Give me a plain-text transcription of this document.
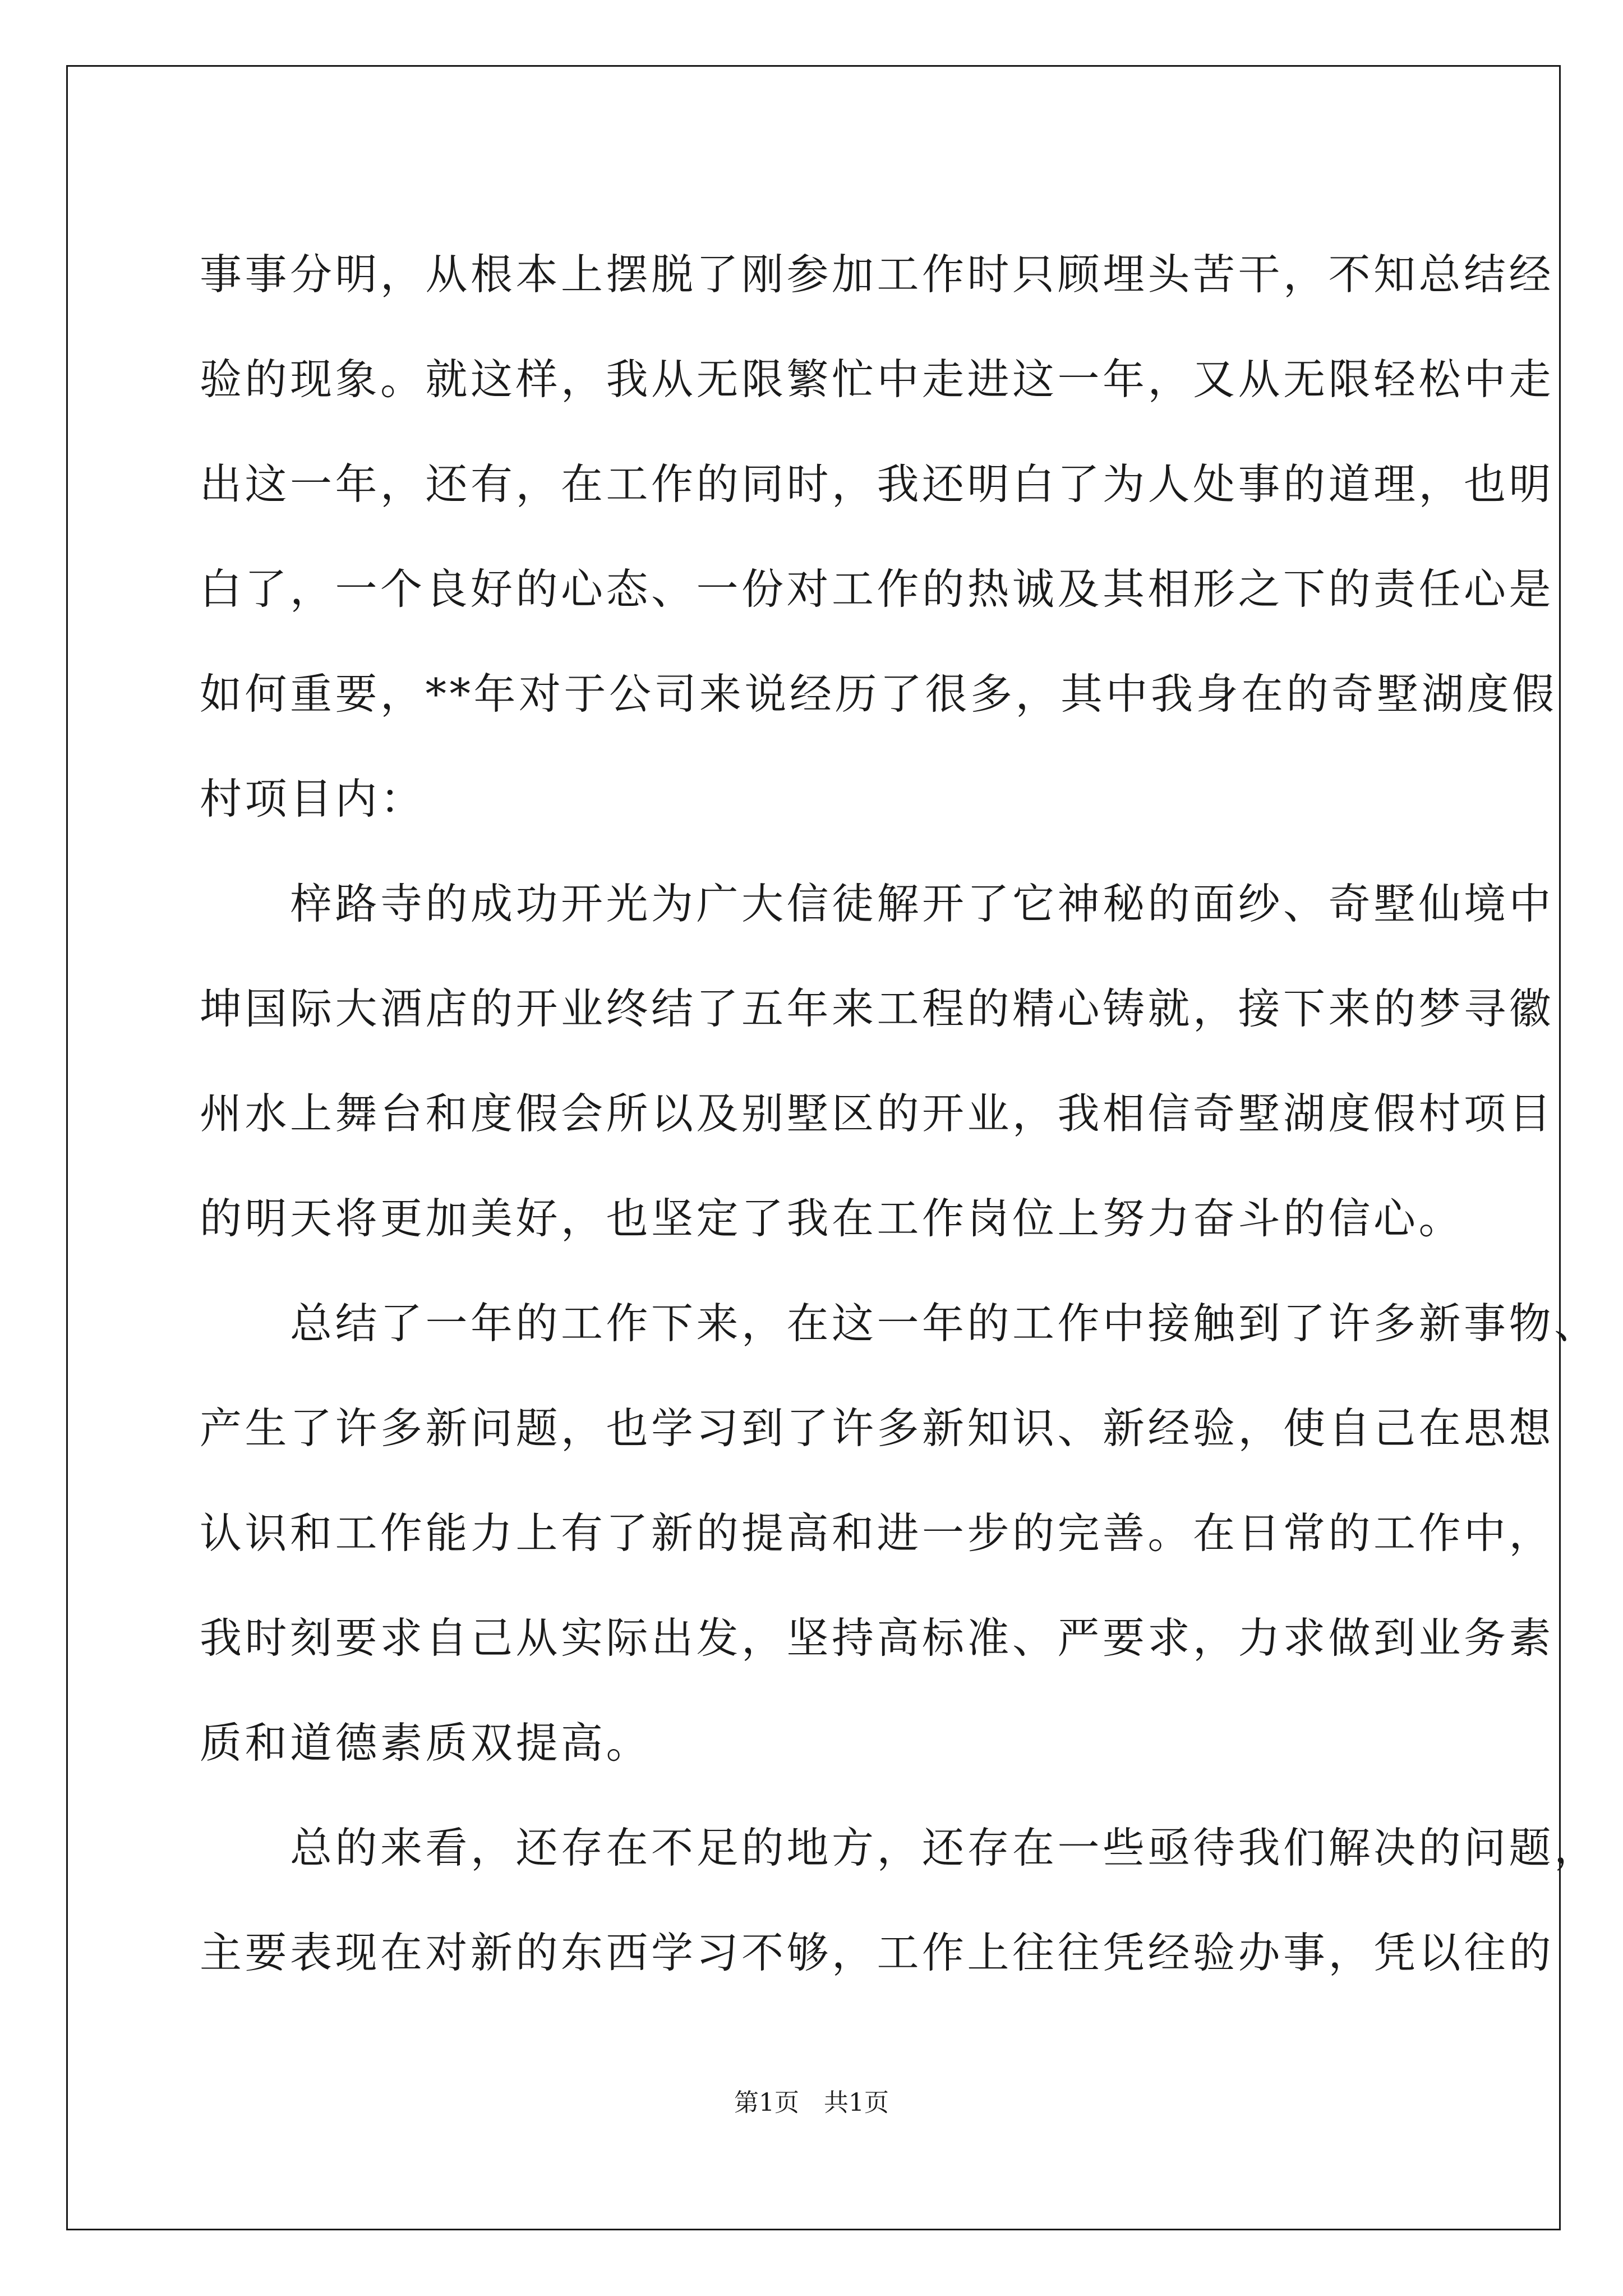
事事分明，从根本上摆脱了刚参加工作时只顾埋头苦干，不知总结经
验的现象。就这样，我从无限繁忙中走进这一年，又从无限轻松中走
出这一年，还有，在工作的同时，我还明白了为人处事的道理，也明
白了，一个良好的心态、一份对工作的热诚及其相形之下的责任心是
如何重要，**年对于公司来说经历了很多，其中我身在的奇墅湖度假
村项目内：
　　梓路寺的成功开光为广大信徒解开了它神秘的面纱、奇墅仙境中
坤国际大酒店的开业终结了五年来工程的精心铸就，接下来的梦寻徽
州水上舞台和度假会所以及别墅区的开业，我相信奇墅湖度假村项目
的明天将更加美好，也坚定了我在工作岗位上努力奋斗的信心。
　　总结了一年的工作下来，在这一年的工作中接触到了许多新事物、
产生了许多新问题，也学习到了许多新知识、新经验，使自己在思想
认识和工作能力上有了新的提高和进一步的完善。在日常的工作中，
我时刻要求自己从实际出发，坚持高标准、严要求，力求做到业务素
质和道德素质双提高。
　　总的来看，还存在不足的地方，还存在一些亟待我们解决的问题，
主要表现在对新的东西学习不够，工作上往往凭经验办事，凭以往的
第1页　共1页
